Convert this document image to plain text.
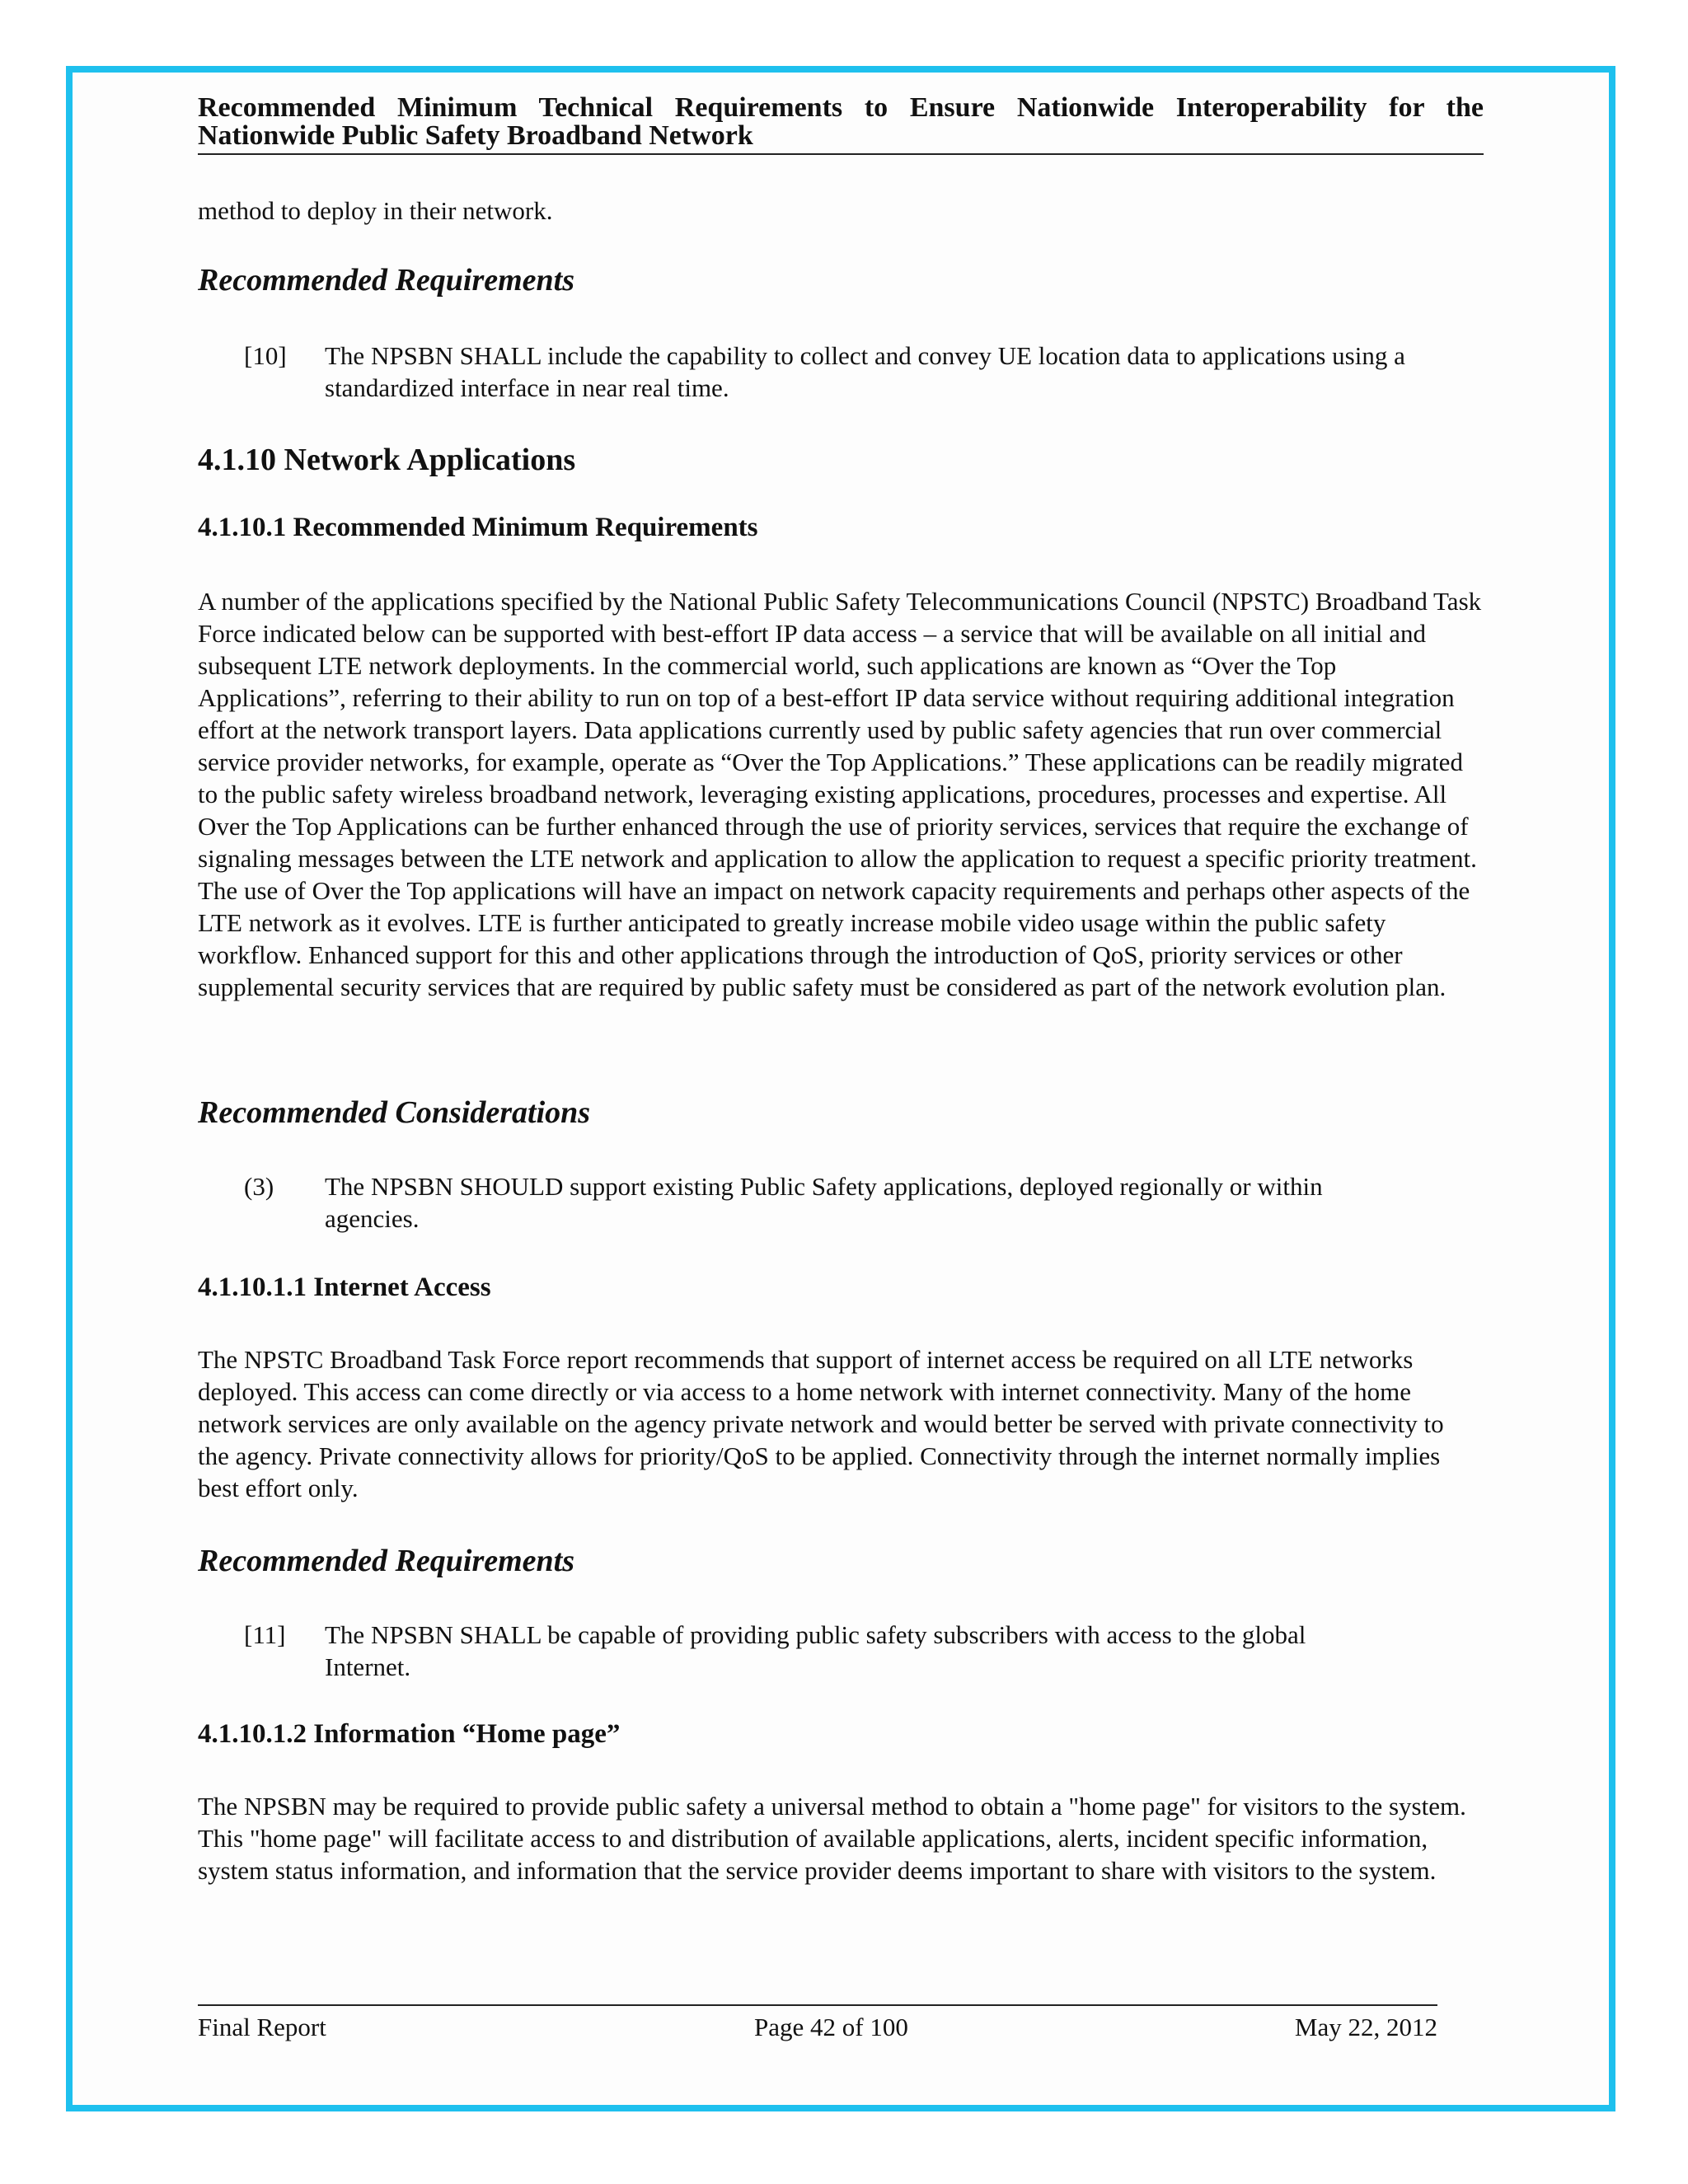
Recommended Minimum Technical Requirements to Ensure Nationwide Interoperability for the Nationwide Public Safety Broadband Network

method to deploy in their network.

Recommended Requirements
[10] The NPSBN SHALL include the capability to collect and convey UE location data to applications using a standardized interface in near real time.
4.1.10 Network Applications
4.1.10.1 Recommended Minimum Requirements

A number of the applications specified by the National Public Safety Telecommunications Council (NPSTC) Broadband Task Force indicated below can be supported with best-effort IP data access – a service that will be available on all initial and subsequent LTE network deployments. In the commercial world, such applications are known as “Over the Top Applications”, referring to their ability to run on top of a best-effort IP data service without requiring additional integration effort at the network transport layers. Data applications currently used by public safety agencies that run over commercial service provider networks, for example, operate as “Over the Top Applications.” These applications can be readily migrated to the public safety wireless broadband network, leveraging existing applications, procedures, processes and expertise. All Over the Top Applications can be further enhanced through the use of priority services, services that require the exchange of signaling messages between the LTE network and application to allow the application to request a specific priority treatment. The use of Over the Top applications will have an impact on network capacity requirements and perhaps other aspects of the LTE network as it evolves. LTE is further anticipated to greatly increase mobile video usage within the public safety workflow. Enhanced support for this and other applications through the introduction of QoS, priority services or other supplemental security services that are required by public safety must be considered as part of the network evolution plan.

Recommended Considerations
(3) The NPSBN SHOULD support existing Public Safety applications, deployed regionally or within agencies.
4.1.10.1.1 Internet Access

The NPSTC Broadband Task Force report recommends that support of internet access be required on all LTE networks deployed. This access can come directly or via access to a home network with internet connectivity. Many of the home network services are only available on the agency private network and would better be served with private connectivity to the agency. Private connectivity allows for priority/QoS to be applied. Connectivity through the internet normally implies best effort only.

Recommended Requirements
[11] The NPSBN SHALL be capable of providing public safety subscribers with access to the global Internet.
4.1.10.1.2 Information “Home page”

The NPSBN may be required to provide public safety a universal method to obtain a "home page" for visitors to the system. This "home page" will facilitate access to and distribution of available applications, alerts, incident specific information, system status information, and information that the service provider deems important to share with visitors to the system.

Final Report	Page 42 of 100	May 22, 2012
